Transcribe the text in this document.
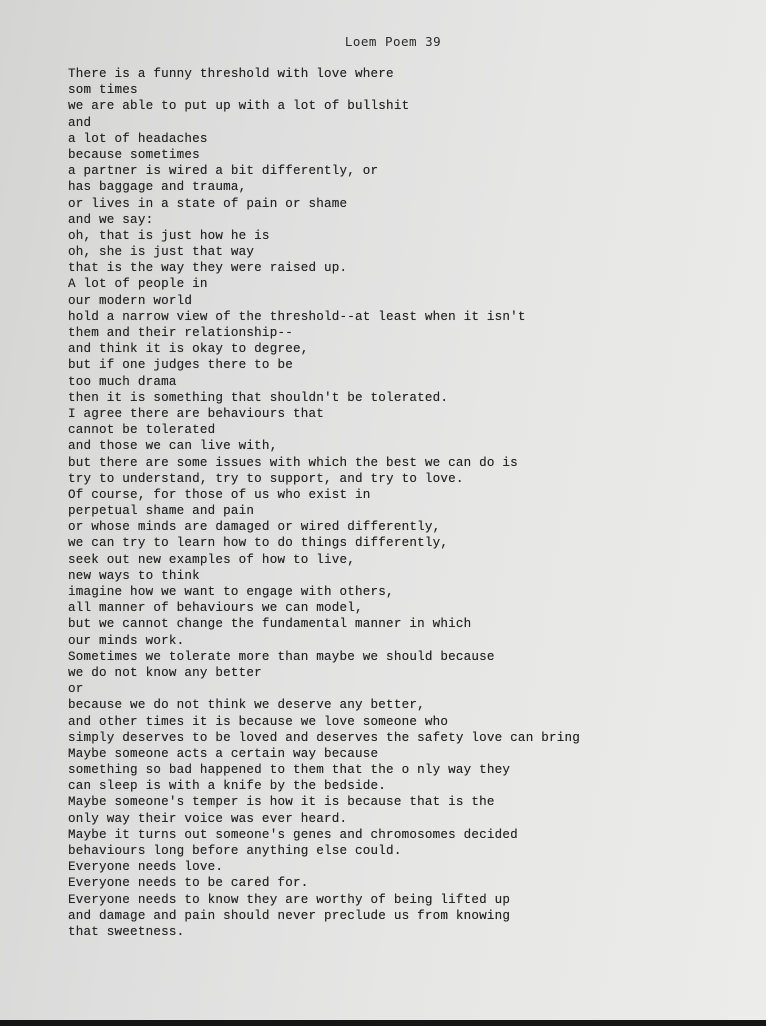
Loem Poem 39
There is a funny threshold with love where
som times
we are able to put up with a lot of bullshit
and
a lot of headaches
because sometimes
a partner is wired a bit differently, or
has baggage and trauma,
or lives in a state of pain or shame
and we say:
oh, that is just how he is
oh, she is just that way
that is the way they were raised up.
A lot of people in
our modern world
hold a narrow view of the threshold--at least when it isn't
them and their relationship--
and think it is okay to degree,
but if one judges there to be
too much drama
then it is something that shouldn't be tolerated.
I agree there are behaviours that
cannot be tolerated
and those we can live with,
but there are some issues with which the best we can do is
try to understand, try to support, and try to love.
Of course, for those of us who exist in
perpetual shame and pain
or whose minds are damaged or wired differently,
we can try to learn how to do things differently,
seek out new examples of how to live,
new ways to think
imagine how we want to engage with others,
all manner of behaviours we can model,
but we cannot change the fundamental manner in which
our minds work.
Sometimes we tolerate more than maybe we should because
we do not know any better
or
because we do not think we deserve any better,
and other times it is because we love someone who
simply deserves to be loved and deserves the safety love can bring
Maybe someone acts a certain way because
something so bad happened to them that the o nly way they
can sleep is with a knife by the bedside.
Maybe someone's temper is how it is because that is the
only way their voice was ever heard.
Maybe it turns out someone's genes and chromosomes decided
behaviours long before anything else could.
Everyone needs love.
Everyone needs to be cared for.
Everyone needs to know they are worthy of being lifted up
and damage and pain should never preclude us from knowing
that sweetness.
